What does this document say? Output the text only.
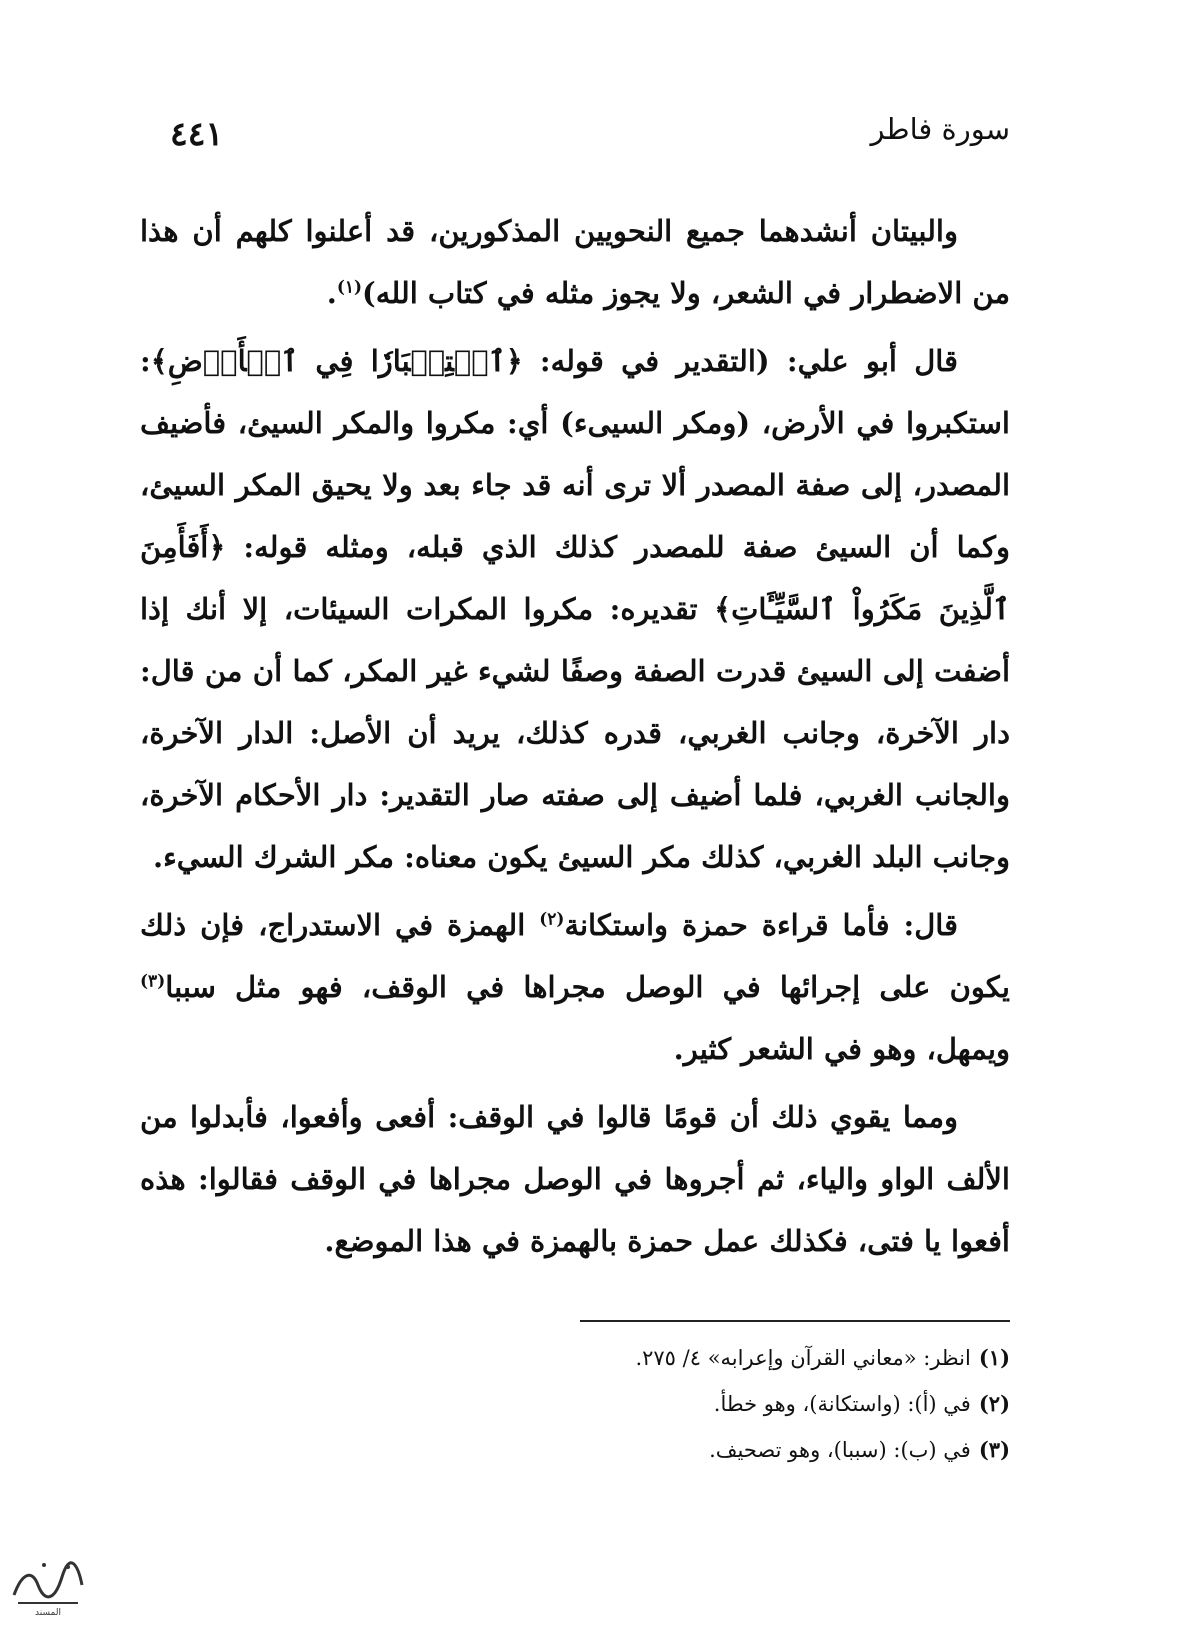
سورة فاطر
٤٤١

والبيتان أنشدهما جميع النحويين المذكورين، قد أعلنوا كلهم أن هذا من الاضطرار في الشعر، ولا يجوز مثله في كتاب الله)$^{(١)}$.

قال أبو علي: (التقدير في قوله: ﴿ٱسۡتِكۡبَارٗا فِي ٱلۡأَرۡضِ﴾: استكبروا في الأرض، (ومكر السيىء) أي: مكروا والمكر السيئ، فأضيف المصدر، إلى صفة المصدر ألا ترى أنه قد جاء بعد ولا يحيق المكر السيئ، وكما أن السيئ صفة للمصدر كذلك الذي قبله، ومثله قوله: ﴿أَفَأَمِنَ ٱلَّذِينَ مَكَرُواْ ٱلسَّيِّـَٔاتِ﴾ تقديره: مكروا المكرات السيئات، إلا أنك إذا أضفت إلى السيئ قدرت الصفة وصفًا لشيء غير المكر، كما أن من قال: دار الآخرة، وجانب الغربي، قدره كذلك، يريد أن الأصل: الدار الآخرة، والجانب الغربي، فلما أضيف إلى صفته صار التقدير: دار الأحكام الآخرة، وجانب البلد الغربي، كذلك مكر السيئ يكون معناه: مكر الشرك السيء.

قال: فأما قراءة حمزة واستكانة$^{(٢)}$ الهمزة في الاستدراج، فإن ذلك يكون على إجرائها في الوصل مجراها في الوقف، فهو مثل سببا$^{(٣)}$ ويمهل، وهو في الشعر كثير.

ومما يقوي ذلك أن قومًا قالوا في الوقف: أفعى وأفعوا، فأبدلوا من الألف الواو والياء، ثم أجروها في الوصل مجراها في الوقف فقالوا: هذه أفعوا يا فتى، فكذلك عمل حمزة بالهمزة في هذا الموضع.

(١)انظر: «معاني القرآن وإعرابه» ٤/ ٢٧٥.
(٢)في (أ): (واستكانة)، وهو خطأ.
(٣)في (ب): (سببا)، وهو تصحيف.
المسند
